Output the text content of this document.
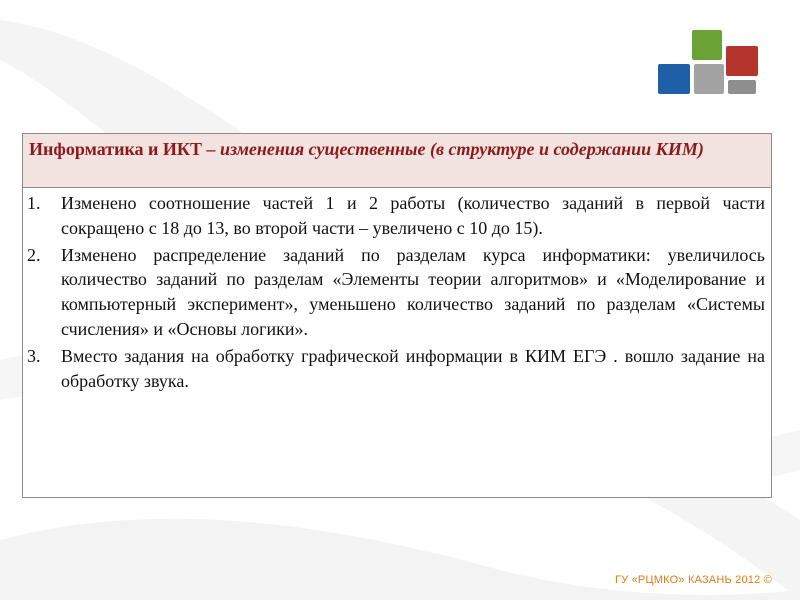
Информатика и ИКТ – изменения существенные (в структуре и содержании КИМ)

1. Изменено соотношение частей 1 и 2 работы (количество заданий в первой части сокращено с 18 до 13, во второй части – увеличено с 10 до 15).
2. Изменено распределение заданий по разделам курса информатики: увеличилось количество заданий по разделам «Элементы теории алгоритмов» и «Моделирование и компьютерный эксперимент», уменьшено количество заданий по разделам «Системы счисления» и «Основы логики».
3. Вместо задания на обработку графической информации в КИМ ЕГЭ . вошло задание на обработку звука.
ГУ «РЦМКО» КАЗАНЬ 2012 ©
